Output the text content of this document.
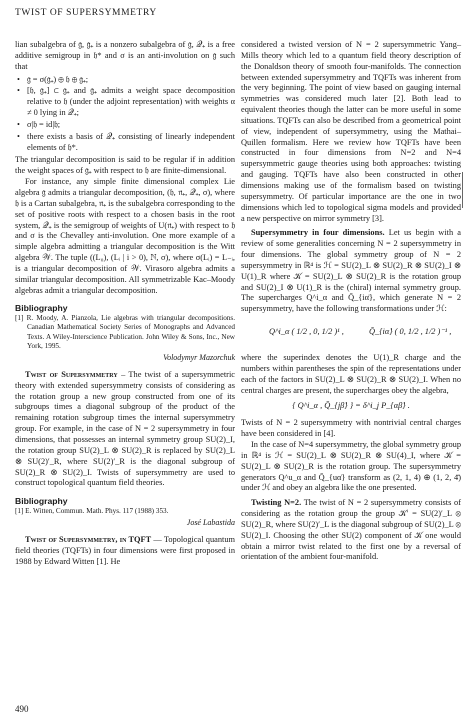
TWIST OF SUPERSYMMETRY

lian subalgebra of 𝔤, 𝔤₊ is a nonzero subalgebra of 𝔤, 𝒬₊ is a free additive semigroup in 𝔥* and σ is an anti-involution on 𝔤 such that

• 𝔤 = σ(𝔤₊) ⊕ 𝔥 ⊕ 𝔤₊;
• [𝔥, 𝔤₊] ⊂ 𝔤₊ and 𝔤₊ admits a weight space decomposition relative to 𝔥 (under the adjoint representation) with weights α ≠ 0 lying in 𝒬₊;
• σ|𝔥 = id|𝔥;
• there exists a basis of 𝒬₊ consisting of linearly independent elements of 𝔥*.

The triangular decomposition is said to be regular if in addition the weight spaces of 𝔤₊ with respect to 𝔥 are finite-dimensional.

For instance, any simple finite dimensional complex Lie algebra 𝔤 admits a triangular decomposition, (𝔥, 𝔫₊, 𝒬₊, σ), where 𝔥 is a Cartan subalgebra, 𝔫₊ is the subalgebra corresponding to the set of positive roots with respect to a chosen basis in the root system, 𝒬₊ is the semigroup of weights of U(𝔫₊) with respect to 𝔥 and σ is the Chevalley anti-involution. One more example of a simple algebra admitting a triangular decomposition is the Witt algebra 𝒲. The tuple ((L₀), (Lᵢ | i > 0), ℕ, σ), where σ(Lᵢ) = L₋ᵢ, is a triangular decomposition of 𝒲. Virasoro algebra admits a similar triangular decomposition. All symmetrizable Kac–Moody algebras admit a triangular decomposition.

Bibliography

[1] R. Moody, A. Pianzola, Lie algebras with triangular decompositions. Canadian Mathematical Society Series of Monographs and Advanced Texts. A Wiley-Interscience Publication. John Wiley & Sons, Inc., New York, 1995.

Volodymyr Mazorchuk

Twist of Supersymmetry – The twist of a supersymmetric theory with extended supersymmetry consists of considering as the rotation group a new group constructed from one of its subgroups times a diagonal subgroup of the product of the remaining rotation subgroup times the internal supersymmetry group. For example, in the case of N = 2 supersymmetry in four dimensions, that possesses an internal symmetry group SU(2)_I, the rotation group SU(2)_L ⊗ SU(2)_R is replaced by SU(2)_L ⊗ SU(2)′_R, where SU(2)′_R is the diagonal subgroup of SU(2)_R ⊗ SU(2)_I. Twists of supersymmetry are used to construct topological quantum field theories.

Bibliography

[1] E. Witten, Commun. Math. Phys. 117 (1988) 353.

José Labastida

Twist of Supersymmetry, in TQFT — Topological quantum field theories (TQFTs) in four dimensions were first proposed in 1988 by Edward Witten [1]. He

considered a twisted version of N = 2 supersymmetric Yang–Mills theory which led to a quantum field theory description of the Donaldson theory of smooth four-manifolds. The connection between extended supersymmetry and TQFTs was inherent from the very beginning. The point of view based on gauging internal symmetries was considered much later [2]. Both lead to equivalent theories though the latter can be more useful in some situations. TQFTs can also be described from a geometrical point of view, independent of supersymmetry, using the Mathai–Quillen formalism. Here we review how TQFTs have been constructed in four dimensions from N=2 and N=4 supersymmetric gauge theories using both approaches: twisting and gauging. TQFTs have also been constructed in other dimensions making use of the formalism based on twisting supersymmetry. Of particular importance are the one in two dimensions which led to topological sigma models and provided a new perspective on mirror symmetry [3].

Supersymmetry in four dimensions. Let us begin with a review of some generalities concerning N = 2 supersymmetry in four dimensions. The global symmetry group of N = 2 supersymmetry in ℝ⁴ is ℋ = SU(2)_L ⊗ SU(2)_R ⊗ SU(2)_I ⊗ U(1)_R where 𝒦 = SU(2)_L ⊗ SU(2)_R is the rotation group and SU(2)_I ⊗ U(1)_R is the (chiral) internal symmetry group. The supercharges Q^i_α and Q̄_{iα̇}, which generate N = 2 supersymmetry, have the following transformations under ℋ:

Q^i_α ( 1/2 , 0, 1/2 )¹ ,	Q̄_{iα̇} ( 0, 1/2 , 1/2 )⁻¹ ,

where the superindex denotes the U(1)_R charge and the numbers within parentheses the spin of the representations under each of the factors in SU(2)_L ⊗ SU(2)_R ⊗ SU(2)_I. When no central charges are present, the supercharges obey the algebra,

{ Q^i_α , Q̄_{jβ̇} } = δ^i_j P_{αβ̇} .

Twists of N = 2 supersymmetry with nontrivial central charges have been considered in [4].

In the case of N=4 supersymmetry, the global symmetry group in ℝ⁴ is ℋ = SU(2)_L ⊗ SU(2)_R ⊗ SU(4)_I, where 𝒦 = SU(2)_L ⊗ SU(2)_R is the rotation group. The supersymmetry generators Q^u_α and Q̄_{uα̇} transform as (2, 1, 4) ⊕ (1, 2, 4̄) under ℋ and obey an algebra like the one presented.

Twisting N=2. The twist of N = 2 supersymmetry consists of considering as the rotation group the group 𝒦′ = SU(2)′_L ⊗ SU(2)_R, where SU(2)′_L is the diagonal subgroup of SU(2)_L ⊗ SU(2)_I. Choosing the other SU(2) component of 𝒦 one would obtain a mirror twist related to the first one by a reversal of orientation of the ambient four-manifold.

490
